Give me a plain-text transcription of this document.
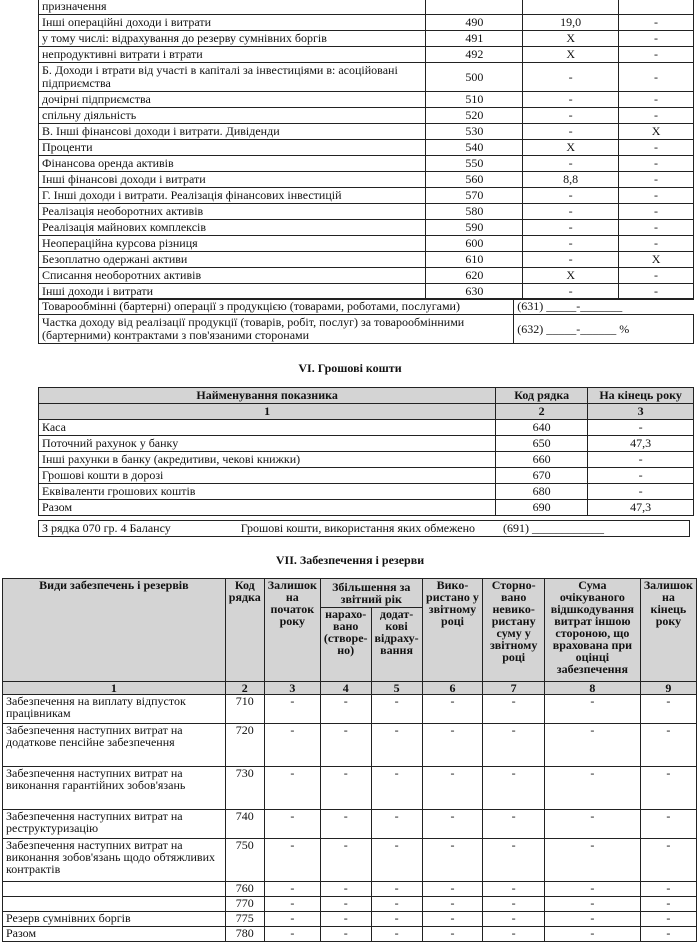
призначення			
Інші операційні доходи і витрати	490	19,0	-
у тому числі: відрахування до резерву сумнівних боргів	491	X	-
непродуктивні витрати і втрати	492	X	-
Б. Доходи і втрати від участі в капіталі за інвестиціями в: асоційовані підприємства	500	-	-
дочірні підприємства	510	-	-
спільну діяльність	520	-	-
В. Інші фінансові доходи і витрати. Дивіденди	530	-	X
Проценти	540	X	-
Фінансова оренда активів	550	-	-
Інші фінансові доходи і витрати	560	8,8	-
Г. Інші доходи і витрати. Реалізація фінансових інвестицій	570	-	-
Реалізація необоротних активів	580	-	-
Реалізація майнових комплексів	590	-	-
Неопераційна курсова різниця	600	-	-
Безоплатно одержані активи	610	-	X
Списання необоротних активів	620	X	-
Інші доходи і витрати	630	-	-
Товарообмінні (бартерні) операції з продукцією (товарами, роботами, послугами)	(631) _____-_______
Частка доходу від реалізації продукції (товарів, робіт, послуг) за товарообмінними (бартерними) контрактами з пов'язаними сторонами	(632) _____-______ %
VI. Грошові кошти
Найменування показника	Код рядка	На кінець року
1	2	3
Каса	640	-
Поточний рахунок у банку	650	47,3
Інші рахунки в банку (акредитиви, чекові книжки)	660	-
Грошові кошти в дорозі	670	-
Еквіваленти грошових коштів	680	-
Разом	690	47,3
З рядка 070 гр. 4 Балансу	Грошові кошти, використання яких обмежено (691) ____________
VII. Забезпечення і резерви
Види забезпечень і резервів	Код рядка	Залишок на початок року	Збільшення за звітний рік		Вико-ристано у звітному році	Сторно-вано невико-ристану суму у звітному році	Сума очікуваного відшкодування витрат іншою стороною, що врахована при оцінці забезпечення	Залишок на кінець року
			нарахо-вано (створе-но)	додат-кові відраху-вання				
1	2	3	4	5	6	7	8	9
Забезпечення на виплату відпусток працівникам	710	-	-	-	-	-	-	-
Забезпечення наступних витрат на додаткове пенсійне забезпечення	720	-	-	-	-	-	-	-
Забезпечення наступних витрат на виконання гарантійних зобов'язань	730	-	-	-	-	-	-	-
Забезпечення наступних витрат на реструктуризацію	740	-	-	-	-	-	-	-
Забезпечення наступних витрат на виконання зобов'язань щодо обтяжливих контрактів	750	-	-	-	-	-	-	-
	760	-	-	-	-	-	-	-
	770	-	-	-	-	-	-	-
Резерв сумнівних боргів	775	-	-	-	-	-	-	-
Разом	780	-	-	-	-	-	-	-
